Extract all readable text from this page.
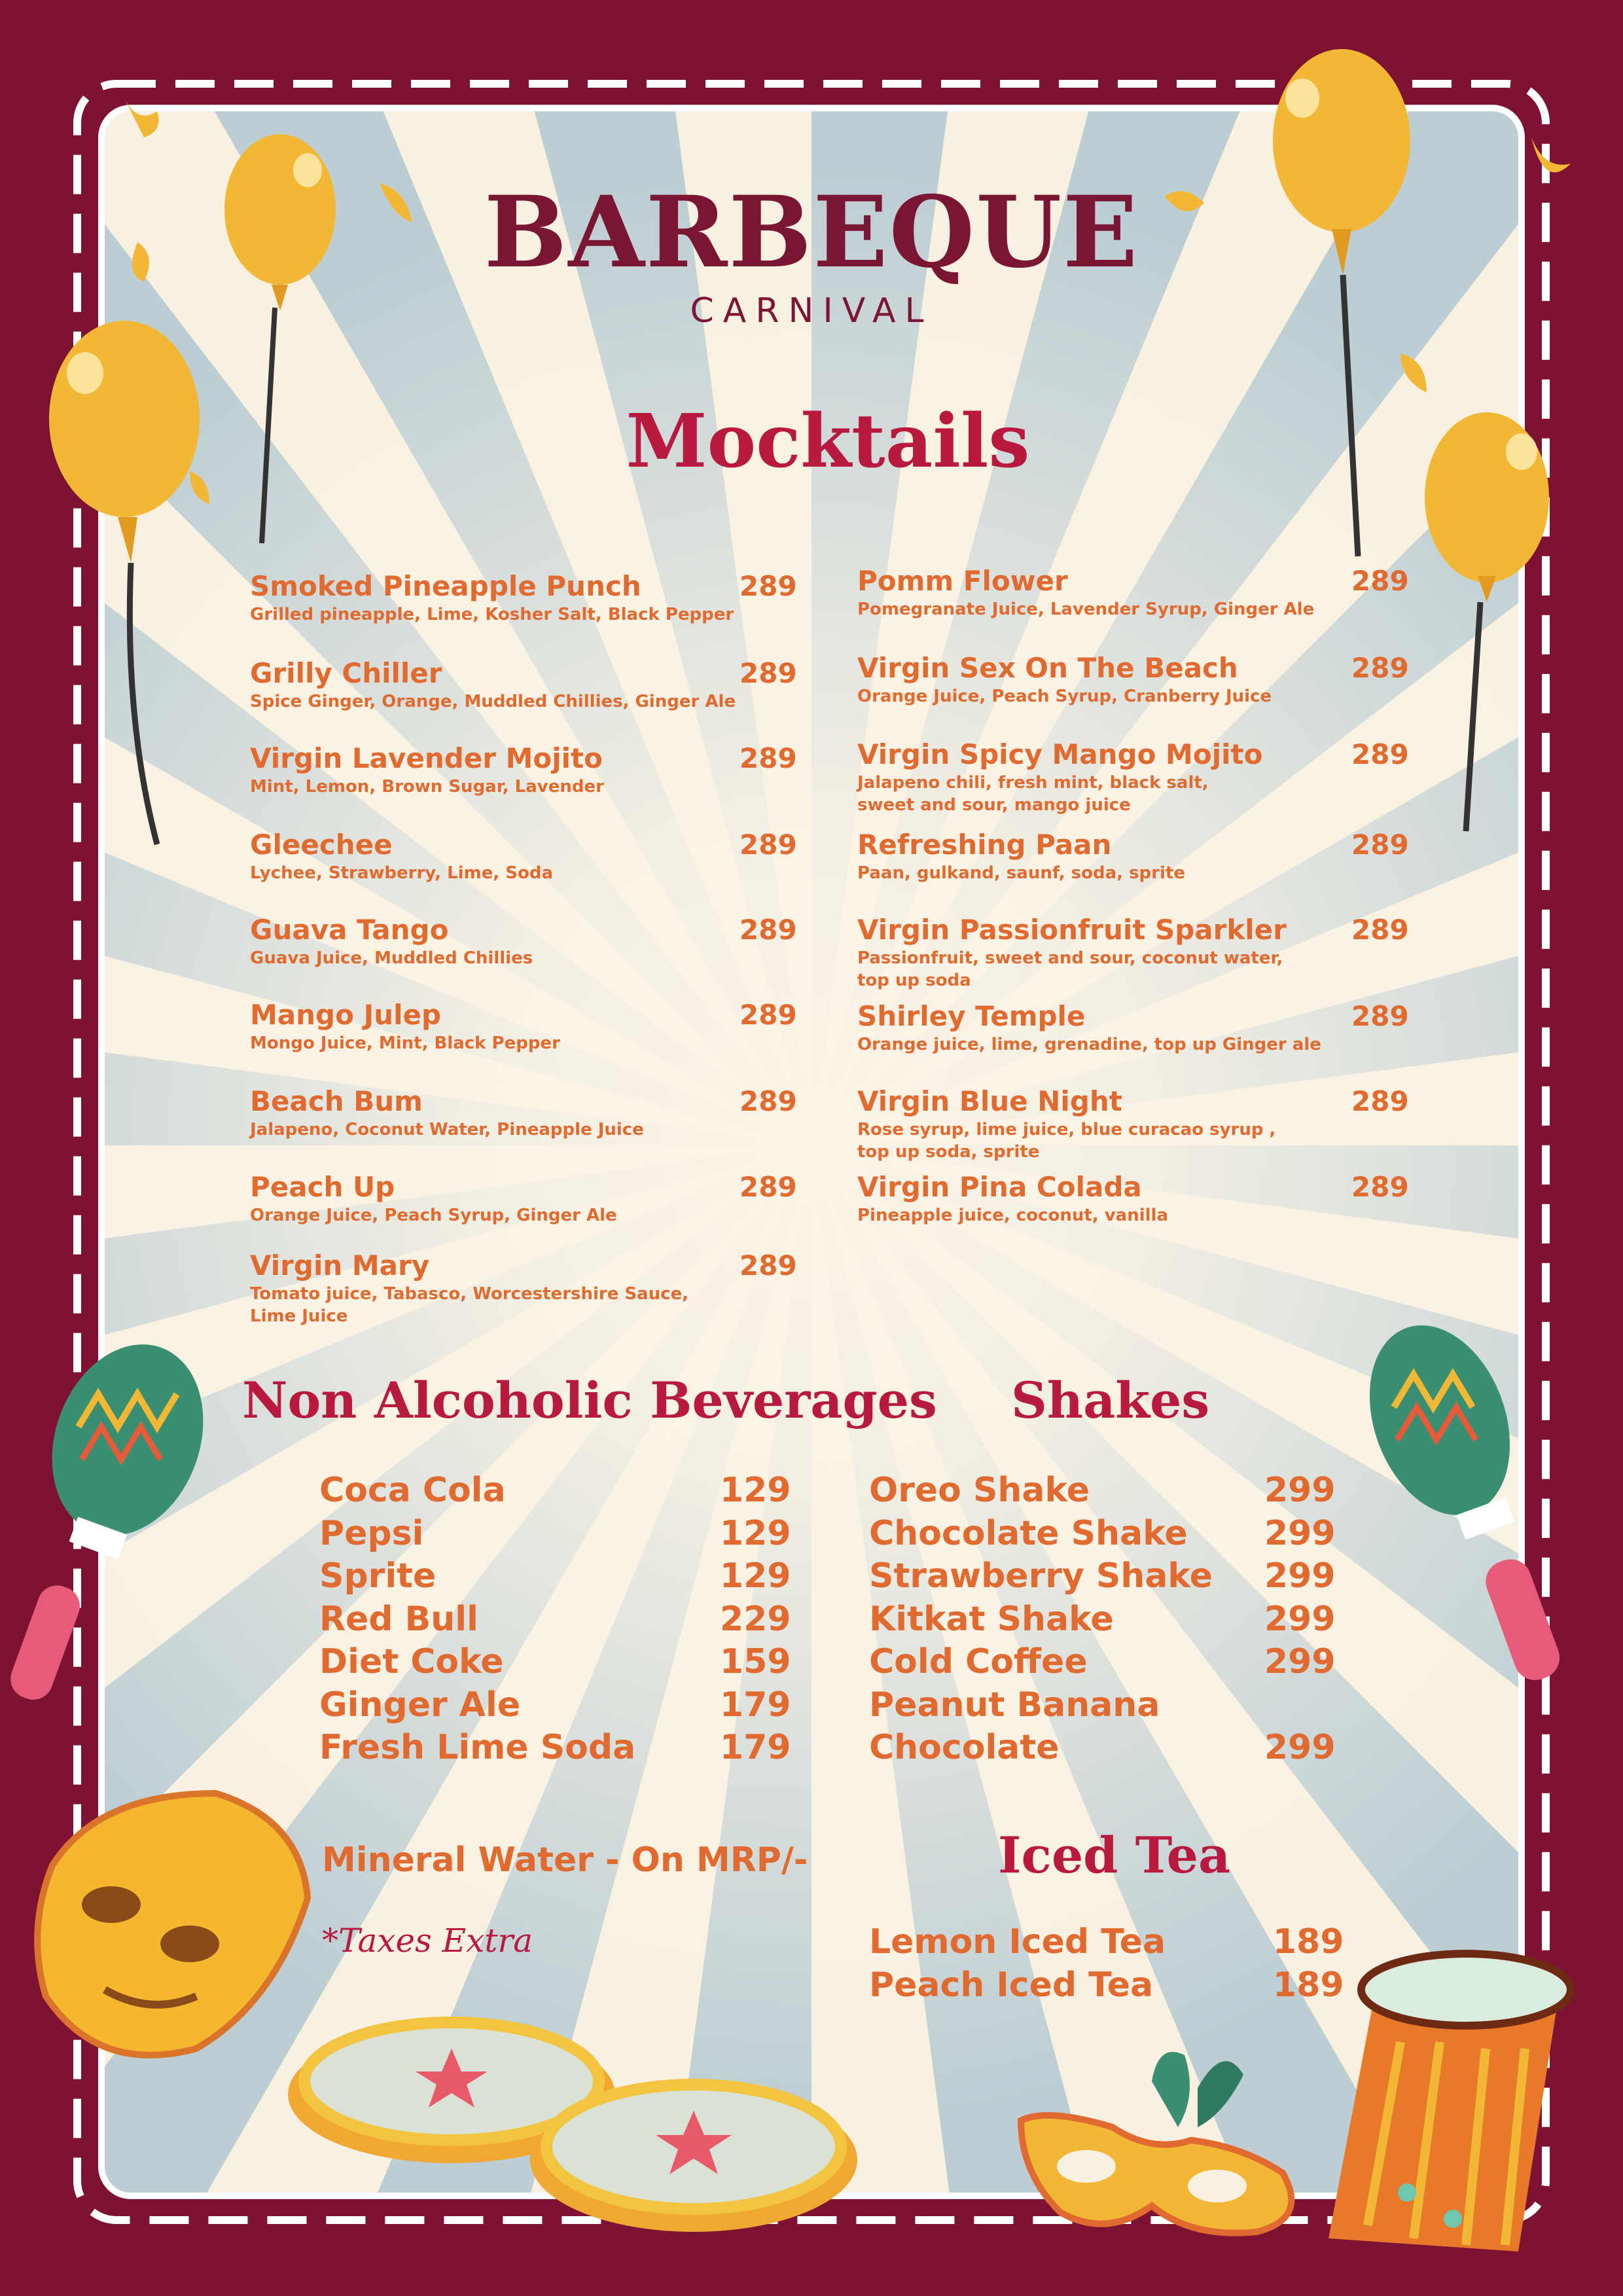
BARBEQUE
CARNIVAL
Mocktails
Smoked Pineapple Punch	289
Grilled pineapple, Lime, Kosher Salt, Black Pepper
Grilly Chiller	289
Spice Ginger, Orange, Muddled Chillies, Ginger Ale
Virgin Lavender Mojito	289
Mint, Lemon, Brown Sugar, Lavender
Gleechee	289
Lychee, Strawberry, Lime, Soda
Guava Tango	289
Guava Juice, Muddled Chillies
Mango Julep	289
Mongo Juice, Mint, Black Pepper
Beach Bum	289
Jalapeno, Coconut Water, Pineapple Juice
Peach Up	289
Orange Juice, Peach Syrup, Ginger Ale
Virgin Mary	289
Tomato juice, Tabasco, Worcestershire Sauce,
Lime Juice
Pomm Flower	289
Pomegranate Juice, Lavender Syrup, Ginger Ale
Virgin Sex On The Beach	289
Orange Juice, Peach Syrup, Cranberry Juice
Virgin Spicy Mango Mojito	289
Jalapeno chili, fresh mint, black salt,
sweet and sour, mango juice
Refreshing Paan	289
Paan, gulkand, saunf, soda, sprite
Virgin Passionfruit Sparkler	289
Passionfruit, sweet and sour, coconut water,
top up soda
Shirley Temple	289
Orange juice, lime, grenadine, top up Ginger ale
Virgin Blue Night	289
Rose syrup, lime juice, blue curacao syrup ,
top up soda, sprite
Virgin Pina Colada	289
Pineapple juice, coconut, vanilla
Non Alcoholic Beverages Shakes
Coca Cola	129
Pepsi	129
Sprite	129
Red Bull	229
Diet Coke	159
Ginger Ale	179
Fresh Lime Soda 179
Oreo Shake	299
Chocolate Shake 299
Strawberry Shake 299
Kitkat Shake	299
Cold Coffee	299
Peanut Banana
Chocolate	299
Mineral Water - On MRP/-
*Taxes Extra
Iced Tea
Lemon Iced Tea	189
Peach Iced Tea	189
